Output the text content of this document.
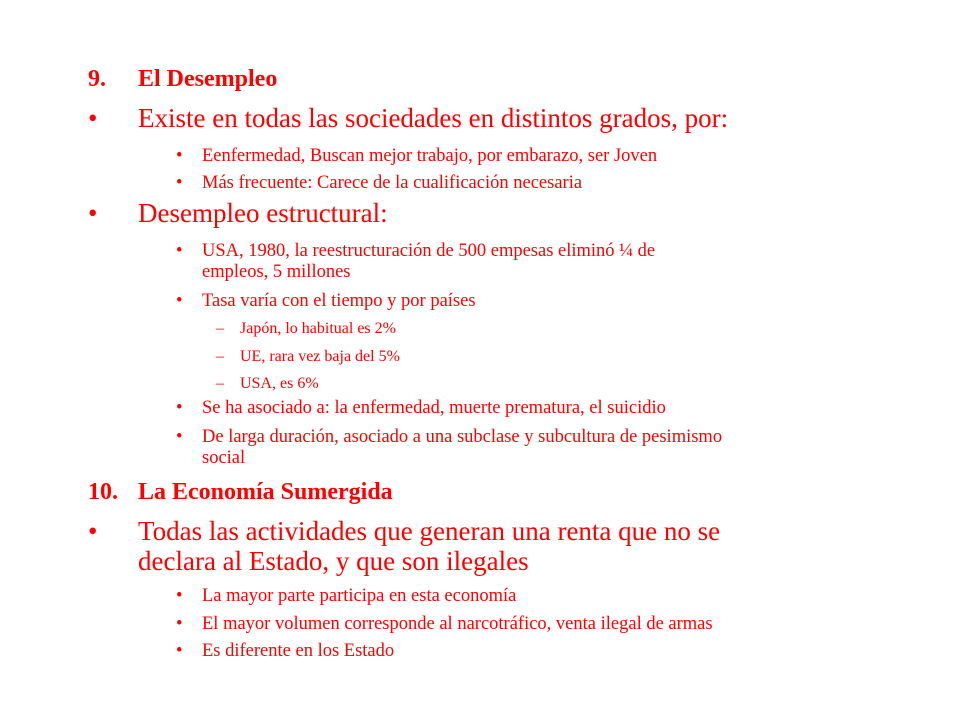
9. El Desempleo
• Existe en todas las sociedades en distintos grados, por:
• Eenfermedad, Buscan mejor trabajo, por embarazo, ser Joven
• Más frecuente: Carece de la cualificación necesaria
• Desempleo estructural:
• USA, 1980, la reestructuración de 500 empesas eliminó ¼ de
empleos, 5 millones
• Tasa varía con el tiempo y por países
– Japón, lo habitual es 2%
– UE, rara vez baja del 5%
– USA, es 6%
• Se ha asociado a: la enfermedad, muerte prematura, el suicidio
• De larga duración, asociado a una subclase y subcultura de pesimismo
social
10. La Economía Sumergida
• Todas las actividades que generan una renta que no se
declara al Estado, y que son ilegales
• La mayor parte participa en esta economía
• El mayor volumen corresponde al narcotráfico, venta ilegal de armas
• Es diferente en los Estado
